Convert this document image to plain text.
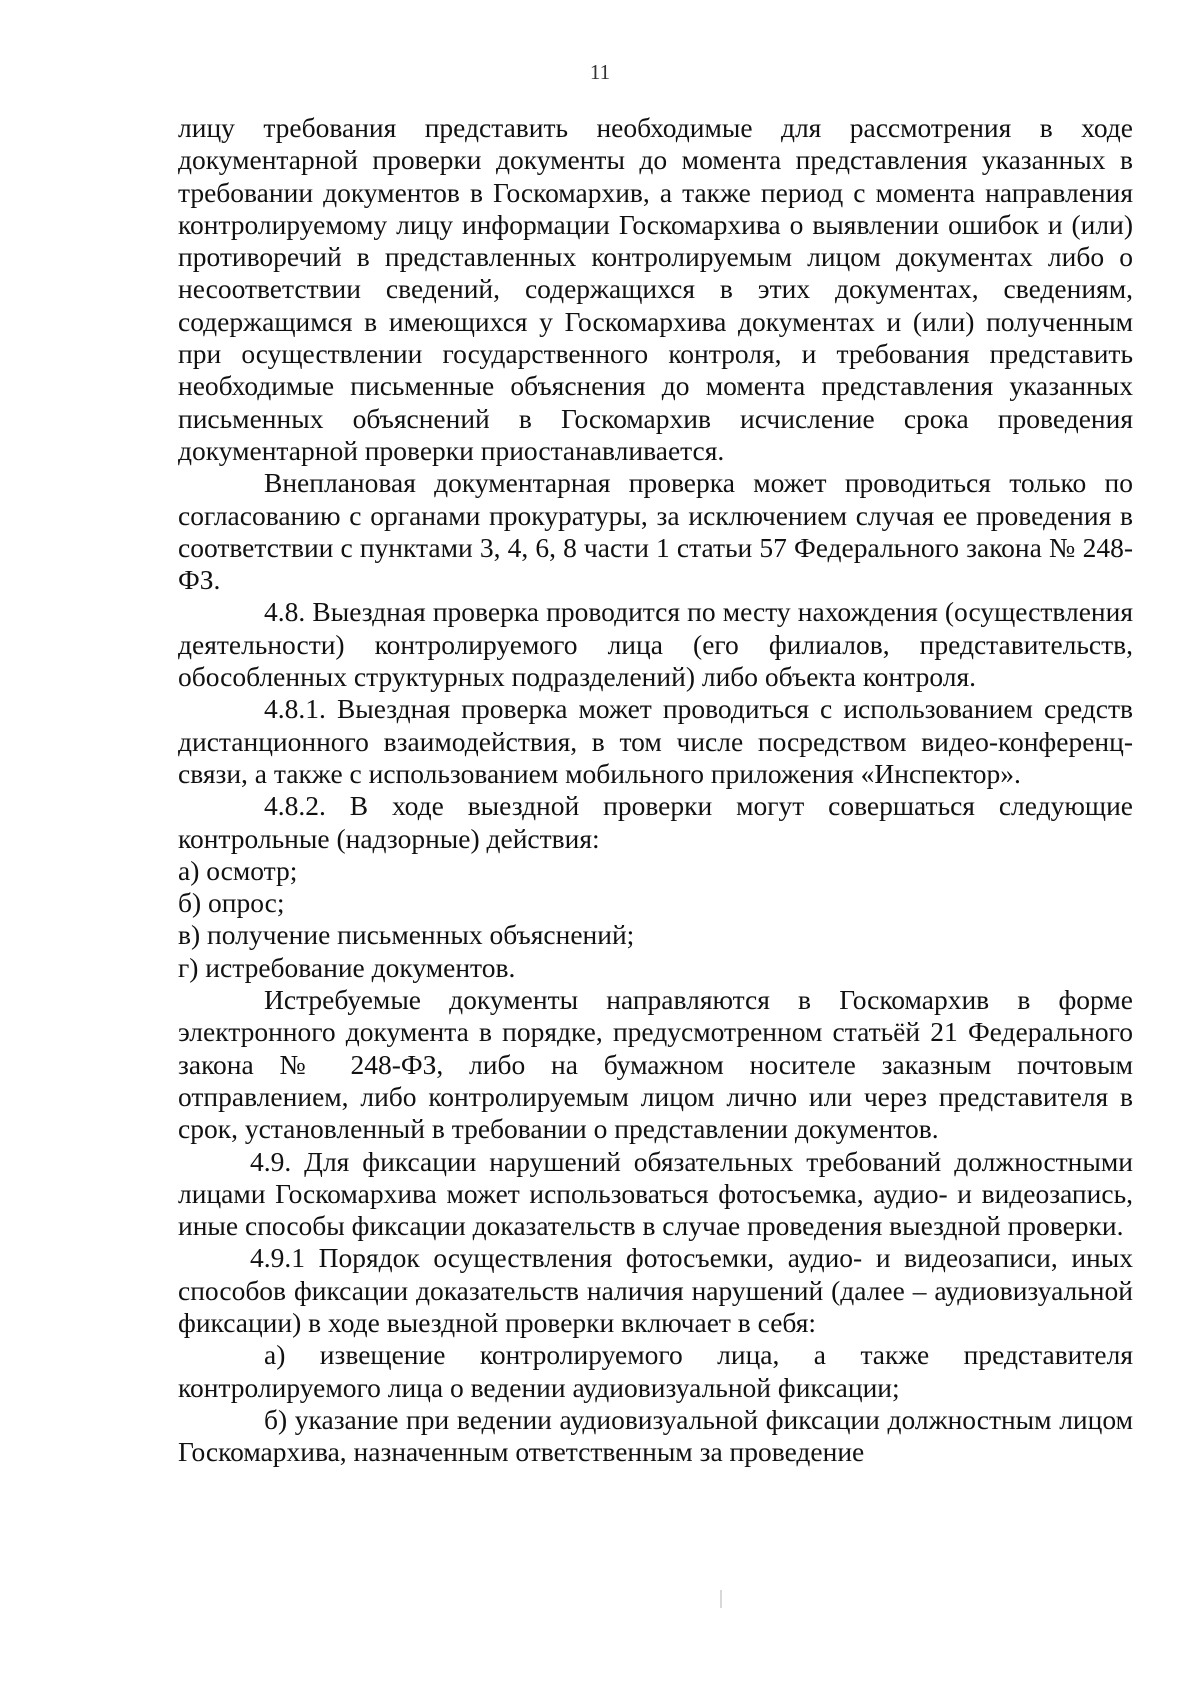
11

лицу требования представить необходимые для рассмотрения в ходе документарной проверки документы до момента представления указанных в требовании документов в Госкомархив, а также период с момента направления контролируемому лицу информации Госкомархива о выявлении ошибок и (или) противоречий в представленных контролируемым лицом документах либо о несоответствии сведений, содержащихся в этих документах, сведениям, содержащимся в имеющихся у Госкомархива документах и (или) полученным при осуществлении государственного контроля, и требования представить необходимые письменные объяснения до момента представления указанных письменных объяснений в Госкомархив исчисление срока проведения документарной проверки приостанавливается.

Внеплановая документарная проверка может проводиться только по согласованию с органами прокуратуры, за исключением случая ее проведения в соответствии с пунктами 3, 4, 6, 8 части 1 статьи 57 Федерального закона № 248-ФЗ.

4.8. Выездная проверка проводится по месту нахождения (осуществления деятельности) контролируемого лица (его филиалов, представительств, обособленных структурных подразделений) либо объекта контроля.

4.8.1. Выездная проверка может проводиться с использованием средств дистанционного взаимодействия, в том числе посредством видео-конференц-связи, а также с использованием мобильного приложения «Инспектор».

4.8.2. В ходе выездной проверки могут совершаться следующие контрольные (надзорные) действия:

а) осмотр;

б) опрос;

в) получение письменных объяснений;

г) истребование документов.

Истребуемые документы направляются в Госкомархив в форме электронного документа в порядке, предусмотренном статьёй 21 Федерального закона № 248-ФЗ, либо на бумажном носителе заказным почтовым отправлением, либо контролируемым лицом лично или через представителя в срок, установленный в требовании о представлении документов.

4.9. Для фиксации нарушений обязательных требований должностными лицами Госкомархива может использоваться фотосъемка, аудио- и видеозапись, иные способы фиксации доказательств в случае проведения выездной проверки.

4.9.1 Порядок осуществления фотосъемки, аудио- и видеозаписи, иных способов фиксации доказательств наличия нарушений (далее – аудиовизуальной фиксации) в ходе выездной проверки включает в себя:

а) извещение контролируемого лица, а также представителя контролируемого лица о ведении аудиовизуальной фиксации;

б) указание при ведении аудиовизуальной фиксации должностным лицом Госкомархива, назначенным ответственным за проведение
